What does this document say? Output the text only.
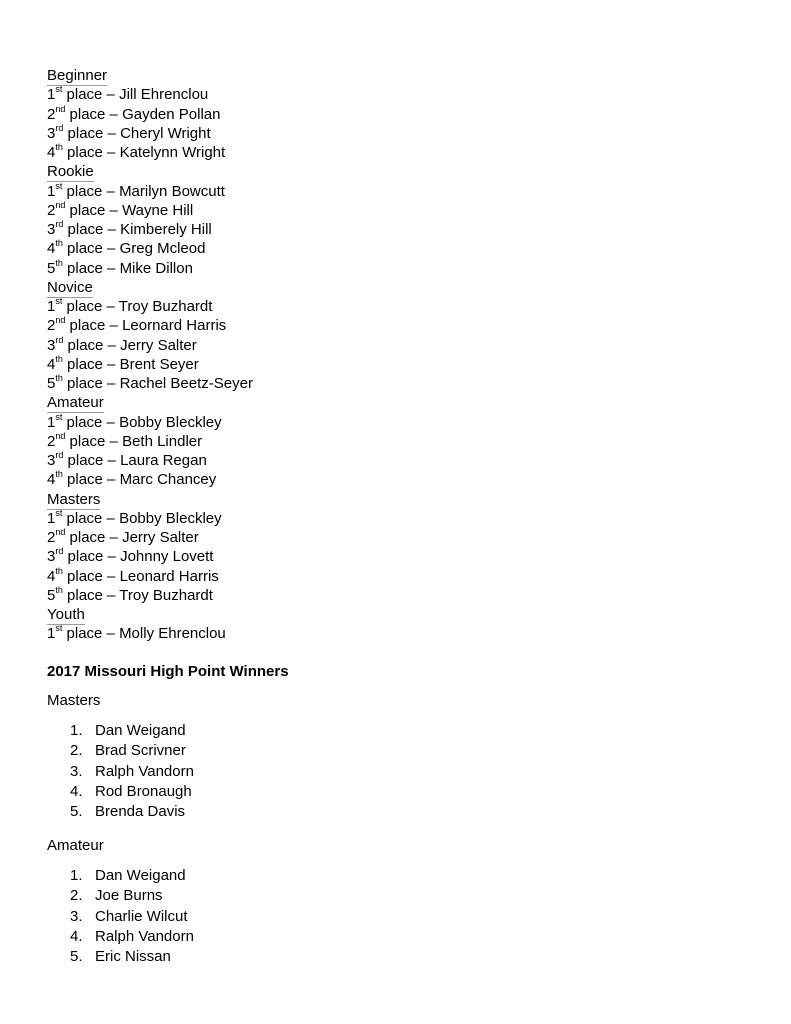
Beginner
1st place – Jill Ehrenclou
2nd place – Gayden Pollan
3rd place – Cheryl Wright
4th place – Katelynn Wright
Rookie
1st place – Marilyn Bowcutt
2nd place – Wayne Hill
3rd place – Kimberely Hill
4th place – Greg Mcleod
5th place – Mike Dillon
Novice
1st place – Troy Buzhardt
2nd place – Leornard Harris
3rd place – Jerry Salter
4th place – Brent Seyer
5th place – Rachel Beetz-Seyer
Amateur
1st place – Bobby Bleckley
2nd place – Beth Lindler
3rd place – Laura Regan
4th place – Marc Chancey
Masters
1st place – Bobby Bleckley
2nd place – Jerry Salter
3rd place – Johnny Lovett
4th place – Leonard Harris
5th place – Troy Buzhardt
Youth
1st place – Molly Ehrenclou
2017 Missouri High Point Winners
Masters
1. Dan Weigand
2. Brad Scrivner
3. Ralph Vandorn
4. Rod Bronaugh
5. Brenda Davis
Amateur
1. Dan Weigand
2. Joe Burns
3. Charlie Wilcut
4. Ralph Vandorn
5. Eric Nissan
